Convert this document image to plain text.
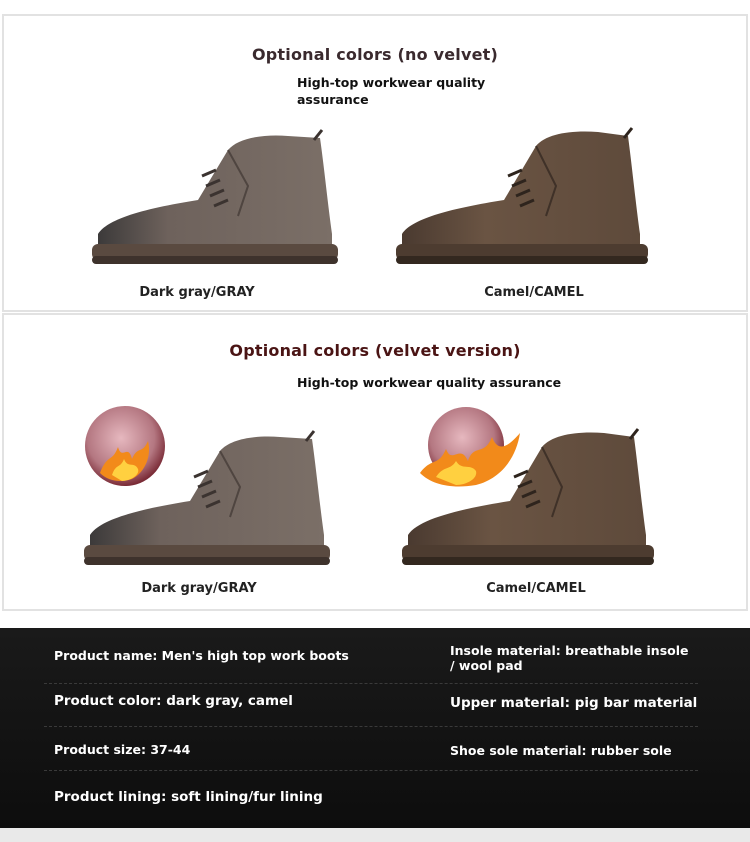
Optional colors (no velvet)
High-top workwear quality assurance
Dark gray/GRAY	Camel/CAMEL
Optional colors (velvet version)
High-top workwear quality assurance
Dark gray/GRAY	Camel/CAMEL
Product name: Men's high top work boots	Insole material: breathable insole / wool pad
Product color: dark gray, camel	Upper material: pig bar material
Product size: 37-44	Shoe sole material: rubber sole
Product lining: soft lining/fur lining
